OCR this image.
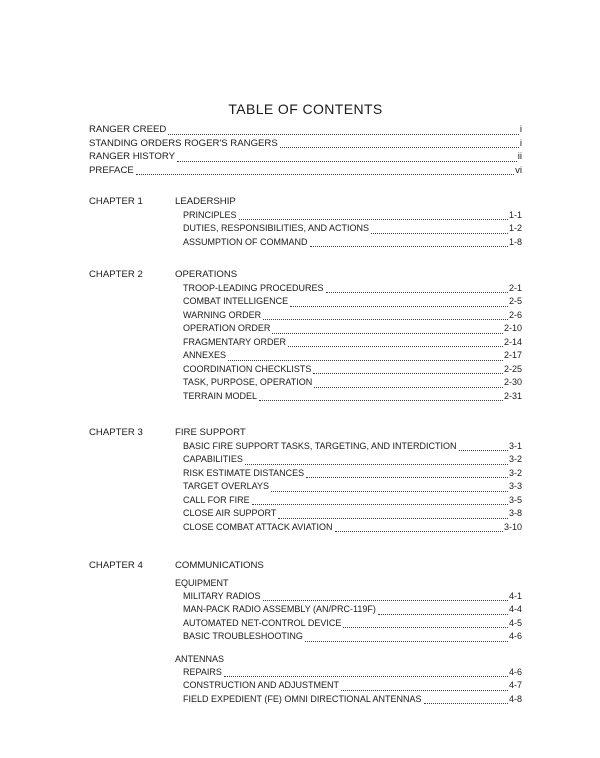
TABLE OF CONTENTS
RANGER CREED	i
STANDING ORDERS ROGER'S RANGERS	i
RANGER HISTORY	ii
PREFACE	vi
CHAPTER 1	LEADERSHIP
PRINCIPLES	1-1
DUTIES, RESPONSIBILITIES, AND ACTIONS	1-2
ASSUMPTION OF COMMAND	1-8
CHAPTER 2	OPERATIONS
TROOP-LEADING PROCEDURES	2-1
COMBAT INTELLIGENCE	2-5
WARNING ORDER	2-6
OPERATION ORDER	2-10
FRAGMENTARY ORDER	2-14
ANNEXES	2-17
COORDINATION CHECKLISTS	2-25
TASK, PURPOSE, OPERATION	2-30
TERRAIN MODEL	2-31
CHAPTER 3	FIRE SUPPORT
BASIC FIRE SUPPORT TASKS, TARGETING, AND INTERDICTION	3-1
CAPABILITIES	3-2
RISK ESTIMATE DISTANCES	3-2
TARGET OVERLAYS	3-3
CALL FOR FIRE	3-5
CLOSE AIR SUPPORT	3-8
CLOSE COMBAT ATTACK AVIATION	3-10
CHAPTER 4	COMMUNICATIONS
EQUIPMENT
MILITARY RADIOS	4-1
MAN-PACK RADIO ASSEMBLY (AN/PRC-119F)	4-4
AUTOMATED NET-CONTROL DEVICE	4-5
BASIC TROUBLESHOOTING	4-6
ANTENNAS
REPAIRS	4-6
CONSTRUCTION AND ADJUSTMENT	4-7
FIELD EXPEDIENT (FE) OMNI DIRECTIONAL ANTENNAS	4-8
